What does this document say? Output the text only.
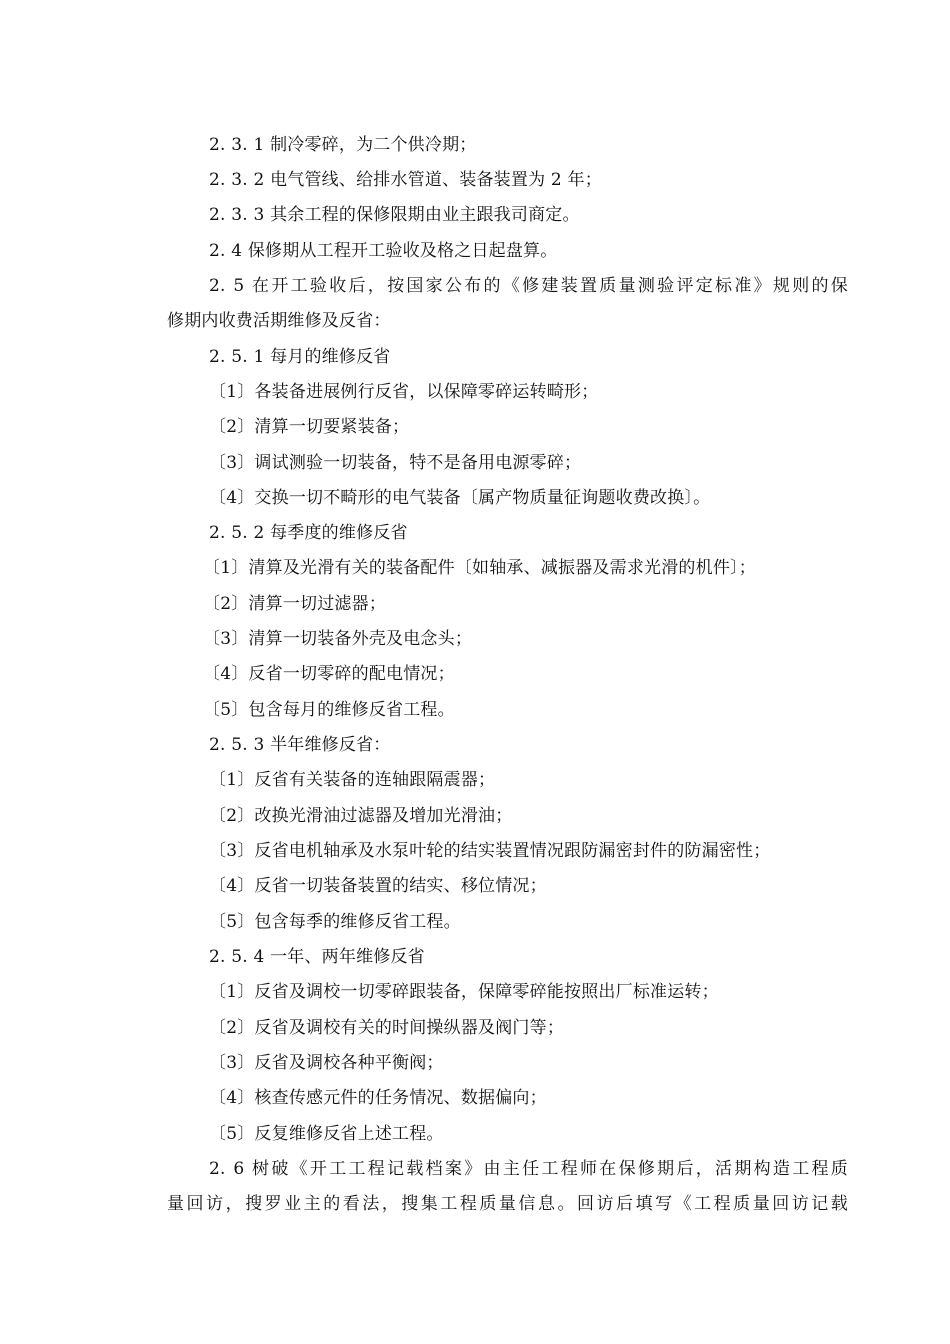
2. 3. 1 制冷零碎，为二个供冷期；
2. 3. 2 电气管线、给排水管道、装备装置为 2 年；
2. 3. 3 其余工程的保修限期由业主跟我司商定。
2. 4 保修期从工程开工验收及格之日起盘算。
2. 5 在开工验收后，按国家公布的《修建装置质量测验评定标准》规则的保
修期内收费活期维修及反省：
2. 5. 1 每月的维修反省
〔1〕各装备进展例行反省，以保障零碎运转畸形；
〔2〕清算一切要紧装备；
〔3〕调试测验一切装备，特不是备用电源零碎；
〔4〕交换一切不畸形的电气装备〔属产物质量征询题收费改换〕。
2. 5. 2 每季度的维修反省
〔1〕清算及光滑有关的装备配件〔如轴承、减振器及需求光滑的机件〕；
〔2〕清算一切过滤器；
〔3〕清算一切装备外壳及电念头；
〔4〕反省一切零碎的配电情况；
〔5〕包含每月的维修反省工程。
2. 5. 3 半年维修反省：
〔1〕反省有关装备的连轴跟隔震器；
〔2〕改换光滑油过滤器及增加光滑油；
〔3〕反省电机轴承及水泵叶轮的结实装置情况跟防漏密封件的防漏密性；
〔4〕反省一切装备装置的结实、移位情况；
〔5〕包含每季的维修反省工程。
2. 5. 4 一年、两年维修反省
〔1〕反省及调校一切零碎跟装备，保障零碎能按照出厂标准运转；
〔2〕反省及调校有关的时间操纵器及阀门等；
〔3〕反省及调校各种平衡阀；
〔4〕核查传感元件的任务情况、数据偏向；
〔5〕反复维修反省上述工程。
2. 6 树破《开工工程记载档案》由主任工程师在保修期后，活期构造工程质
量回访，搜罗业主的看法，搜集工程质量信息。回访后填写《工程质量回访记载
